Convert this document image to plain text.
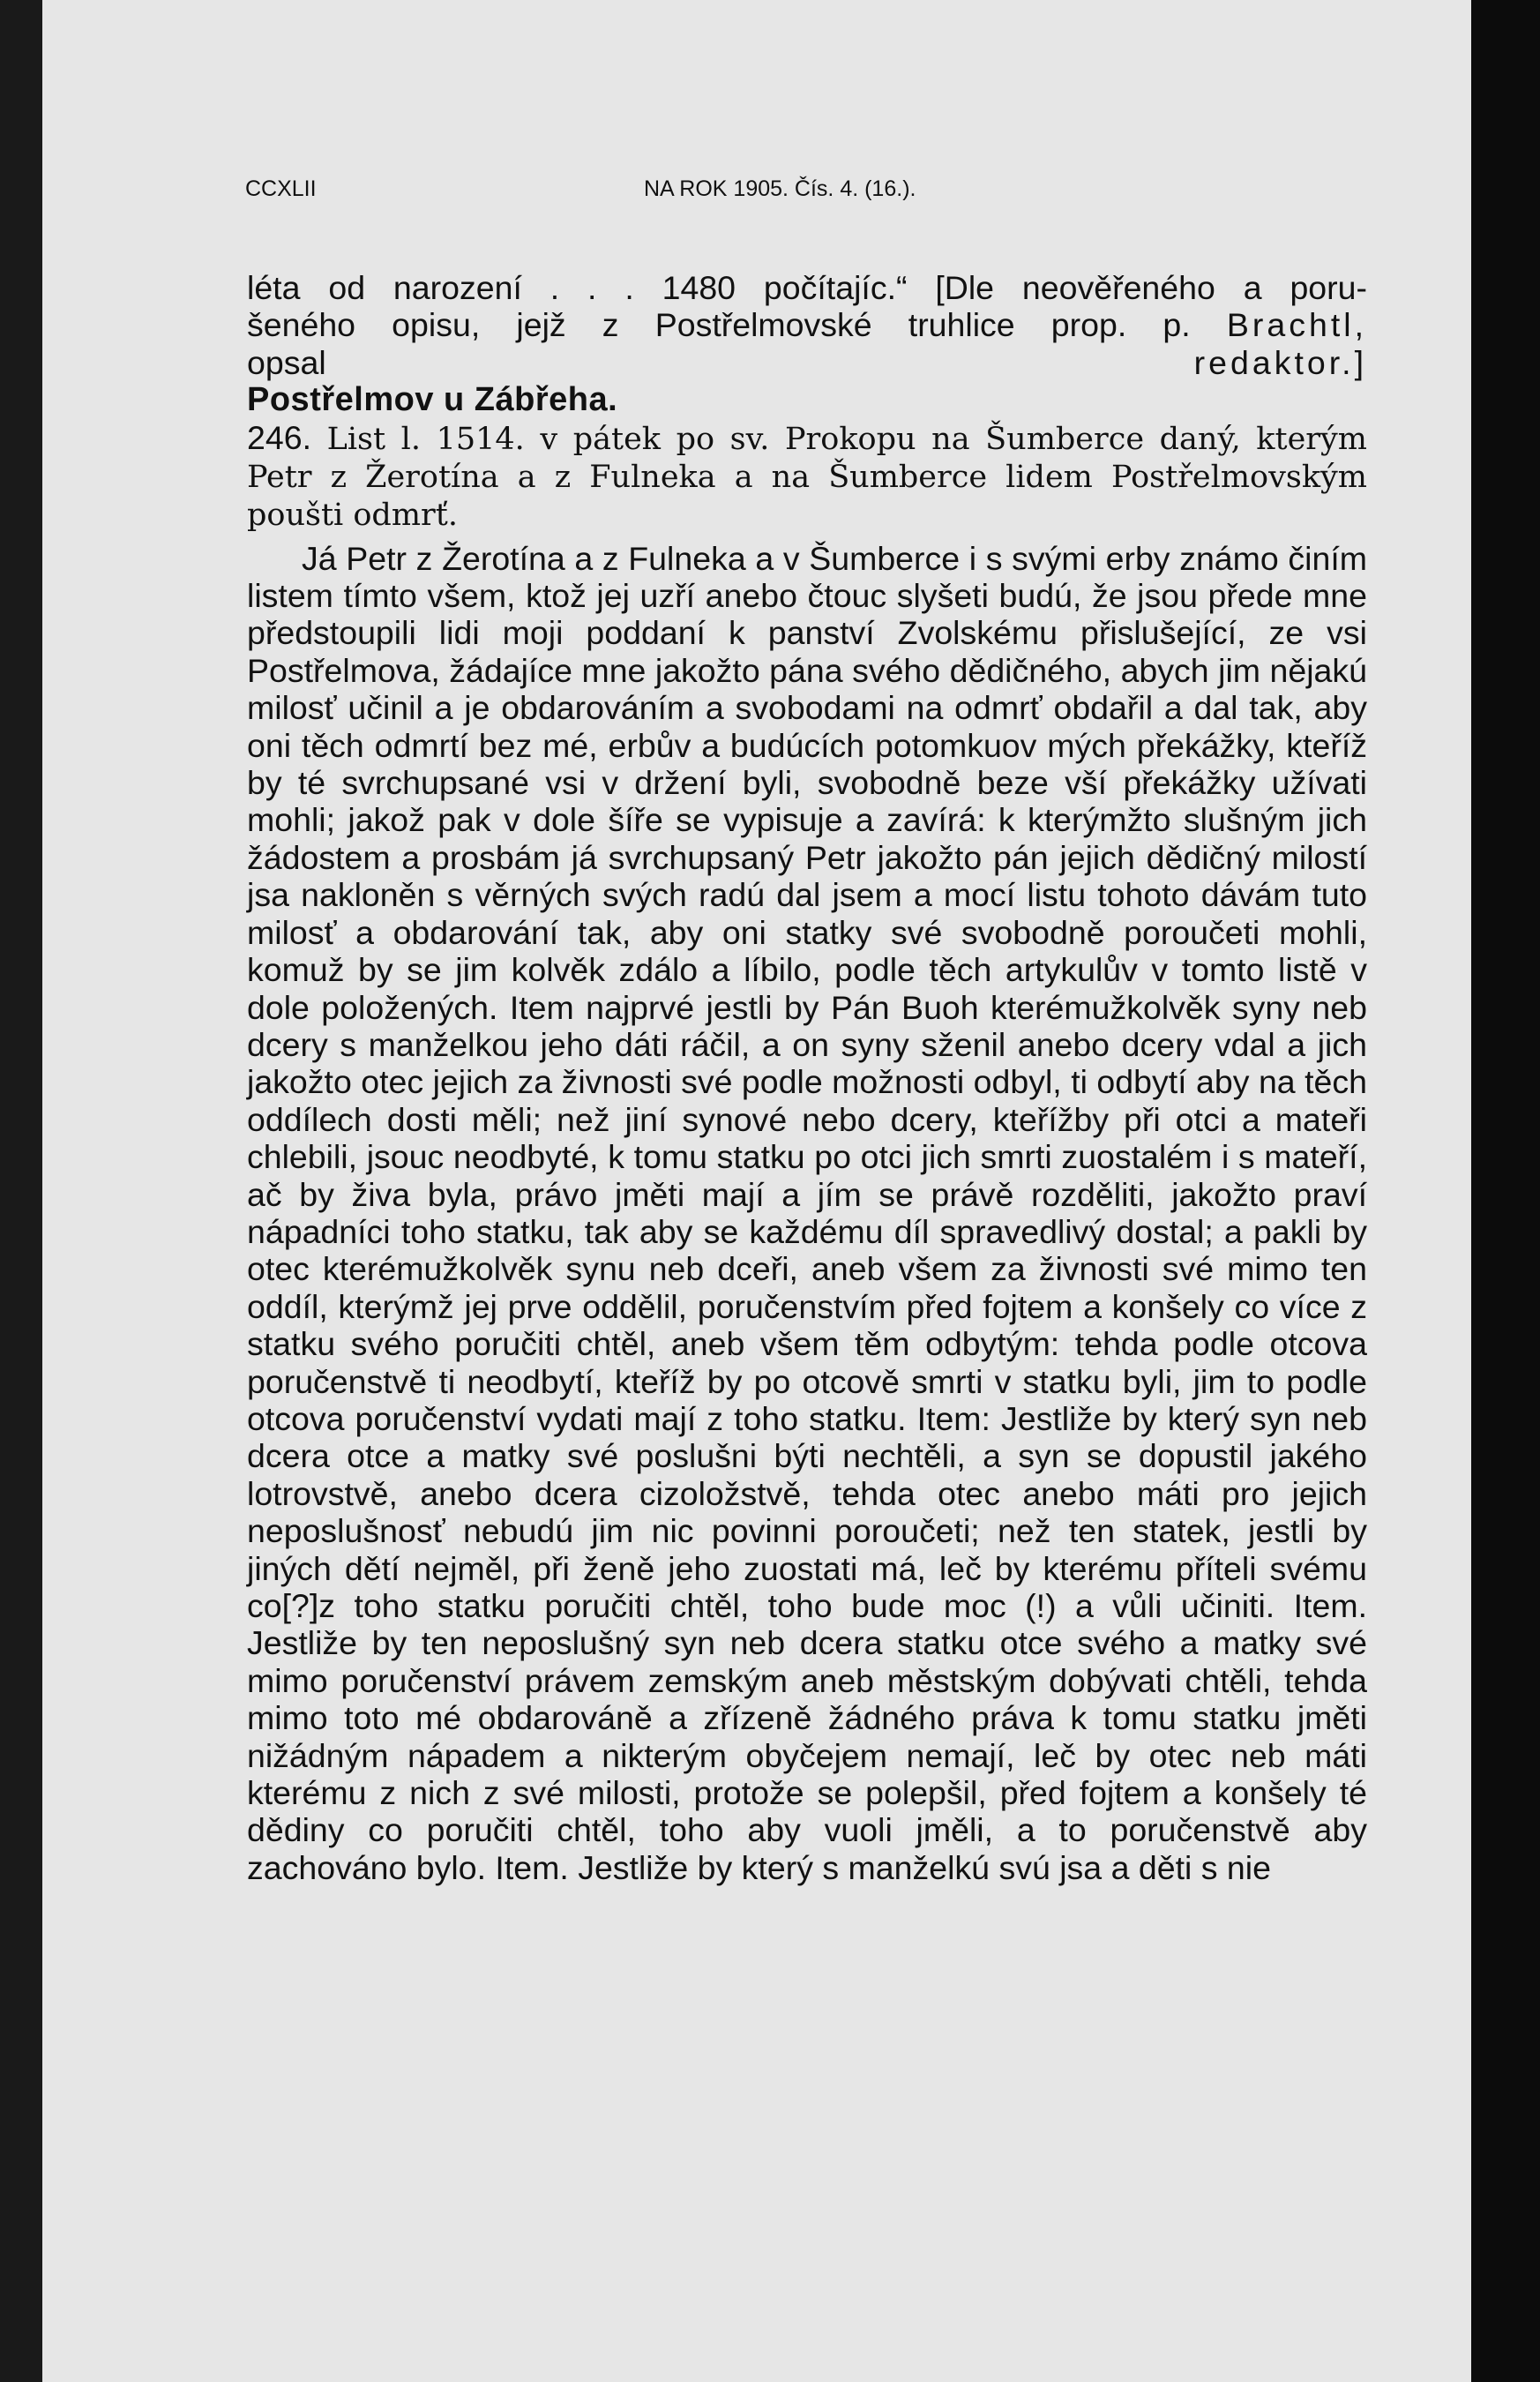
CCXLII	NA ROK 1905. Čís. 4. (16.).

léta od narození . . . 1480 počítajíc.“ [Dle neověřeného a poru-

šeného opisu, jejž z Postřelmovské truhlice prop. p. Brachtl,

opsal	redaktor.]

Postřelmov u Zábřeha.

246. List l. 1514. v pátek po sv. Prokopu na Šumberce daný, kterým Petr z Žerotína a z Fulneka a na Šumberce lidem Postřelmovským poušti odmrť.

Já Petr z Žerotína a z Fulneka a v Šumberce i s svými erby známo činím listem tímto všem, ktož jej uzří anebo čtouc slyšeti budú, že jsou přede mne předstoupili lidi moji poddaní k panství Zvolskému přislušející, ze vsi Postřelmova, žádajíce mne jakožto pána svého dědičného, abych jim nějakú milosť učinil a je obdarováním a svobodami na odmrť obdařil a dal tak, aby oni těch odmrtí bez mé, erbův a budúcích potomkuov mých překážky, kteříž by té svrchupsané vsi v držení byli, svobodně beze vší překážky užívati mohli; jakož pak v dole šíře se vypisuje a zavírá: k kterýmžto slušným jich žádostem a prosbám já svrchupsaný Petr jakožto pán jejich dědičný milostí jsa nakloněn s věrných svých radú dal jsem a mocí listu tohoto dávám tuto milosť a obdarování tak, aby oni statky své svobodně poroučeti mohli, komuž by se jim kolvěk zdálo a líbilo, podle těch artykulův v tomto listě v dole položených. Item najprvé jestli by Pán Buoh kterémužkolvěk syny neb dcery s manželkou jeho dáti ráčil, a on syny sženil anebo dcery vdal a jich jakožto otec jejich za živnosti své podle možnosti odbyl, ti odbytí aby na těch oddílech dosti měli; než jiní synové nebo dcery, kteřížby při otci a mateři chlebili, jsouc neodbyté, k tomu statku po otci jich smrti zuostalém i s mateří, ač by živa byla, právo jměti mají a jím se právě rozděliti, jakožto praví nápadníci toho statku, tak aby se každému díl spravedlivý dostal; a pakli by otec kterémužkolvěk synu neb dceři, aneb všem za živnosti své mimo ten oddíl, kterýmž jej prve oddělil, poručenstvím před fojtem a konšely co více z statku svého poručiti chtěl, aneb všem těm odbytým: tehda podle otcova poručenstvě ti neodbytí, kteříž by po otcově smrti v statku byli, jim to podle otcova poručenství vydati mají z toho statku. Item: Jestliže by který syn neb dcera otce a matky své poslušni býti nechtěli, a syn se dopustil jakého lotrovstvě, anebo dcera cizoložstvě, tehda otec anebo máti pro jejich neposlušnosť nebudú jim nic povinni poroučeti; než ten statek, jestli by jiných dětí nejměl, při ženě jeho zuostati má, leč by kterému příteli svému co[?]z toho statku poručiti chtěl, toho bude moc (!) a vůli učiniti. Item. Jestliže by ten neposlušný syn neb dcera statku otce svého a matky své mimo poručenství právem zemským aneb městským dobývati chtěli, tehda mimo toto mé obdarováně a zřízeně žádného práva k tomu statku jměti nižádným nápadem a nikterým obyčejem nemají, leč by otec neb máti kterému z nich z své milosti, protože se polepšil, před fojtem a konšely té dědiny co poručiti chtěl, toho aby vuoli jměli, a to poručenstvě aby zachováno bylo. Item. Jestliže by který s manželkú svú jsa a děti s nie
